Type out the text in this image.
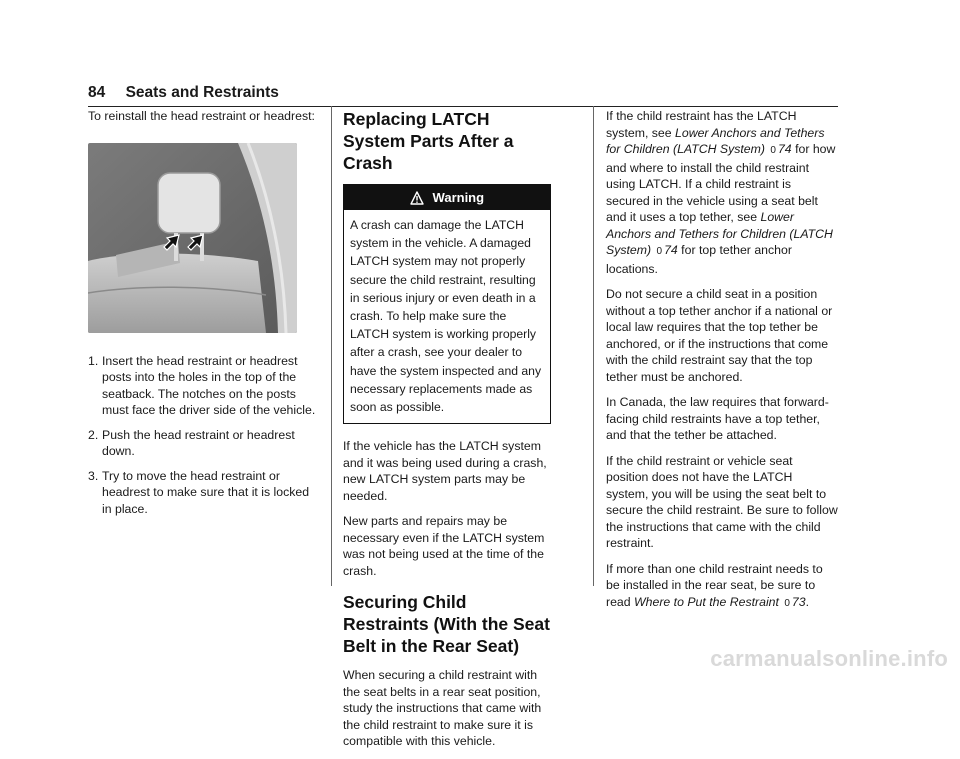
84 Seats and Restraints

To reinstall the head restraint or headrest:

1. Insert the head restraint or headrest posts into the holes in the top of the seatback. The notches on the posts must face the driver side of the vehicle.
2. Push the head restraint or headrest down.
3. Try to move the head restraint or headrest to make sure that it is locked in place.
Replacing LATCH System Parts After a Crash
Warning
A crash can damage the LATCH system in the vehicle. A damaged LATCH system may not properly secure the child restraint, resulting in serious injury or even death in a crash. To help make sure the LATCH system is working properly after a crash, see your dealer to have the system inspected and any necessary replacements made as soon as possible.

If the vehicle has the LATCH system and it was being used during a crash, new LATCH system parts may be needed.

New parts and repairs may be necessary even if the LATCH system was not being used at the time of the crash.

Securing Child Restraints (With the Seat Belt in the Rear Seat)

When securing a child restraint with the seat belts in a rear seat position, study the instructions that came with the child restraint to make sure it is compatible with this vehicle.

If the child restraint has the LATCH system, see Lower Anchors and Tethers for Children (LATCH System) 0 74 for how and where to install the child restraint using LATCH. If a child restraint is secured in the vehicle using a seat belt and it uses a top tether, see Lower Anchors and Tethers for Children (LATCH System) 0 74 for top tether anchor locations.

Do not secure a child seat in a position without a top tether anchor if a national or local law requires that the top tether be anchored, or if the instructions that come with the child restraint say that the top tether must be anchored.

In Canada, the law requires that forward-facing child restraints have a top tether, and that the tether be attached.

If the child restraint or vehicle seat position does not have the LATCH system, you will be using the seat belt to secure the child restraint. Be sure to follow the instructions that came with the child restraint.

If more than one child restraint needs to be installed in the rear seat, be sure to read Where to Put the Restraint 0 73.

carmanualsonline.info
